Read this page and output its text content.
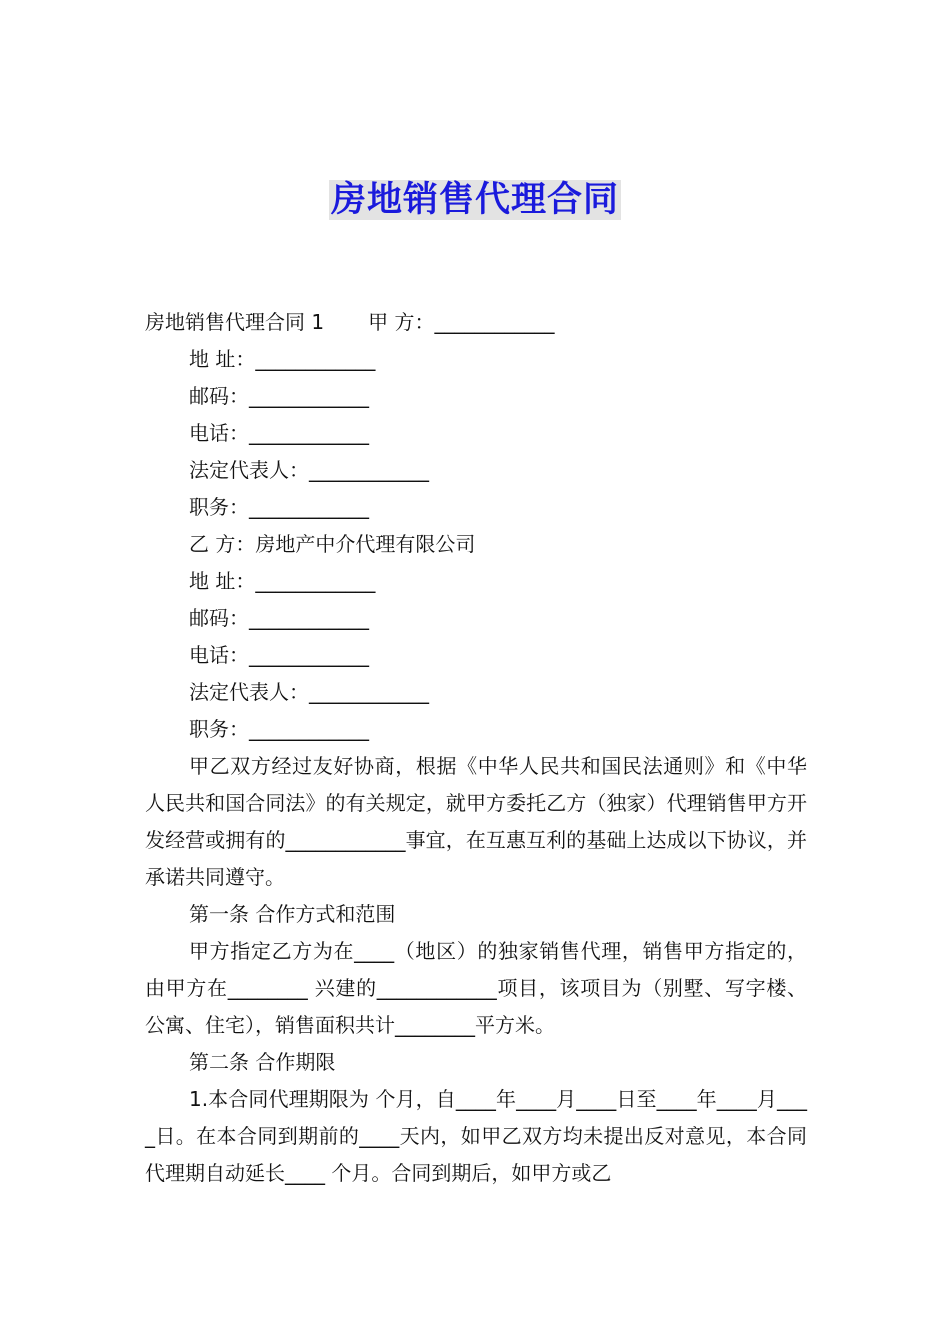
房地销售代理合同
房地销售代理合同 1 甲 方：____________
地 址：____________
邮码：____________
电话：____________
法定代表人：____________
职务：____________
乙 方：房地产中介代理有限公司
地 址：____________
邮码：____________
电话：____________
法定代表人：____________
职务：____________

甲乙双方经过友好协商，根据《中华人民共和国民法通则》和《中华人民共和国合同法》的有关规定，就甲方委托乙方（独家）代理销售甲方开发经营或拥有的____________事宜，在互惠互利的基础上达成以下协议，并承诺共同遵守。

第一条 合作方式和范围

甲方指定乙方为在____（地区）的独家销售代理，销售甲方指定的，由甲方在________ 兴建的____________项目，该项目为（别墅、写字楼、公寓、住宅），销售面积共计________平方米。

第二条 合作期限

1.本合同代理期限为 个月，自____年____月____日至____年____月____日。在本合同到期前的____天内，如甲乙双方均未提出反对意见，本合同代理期自动延长____ 个月。合同到期后，如甲方或乙
